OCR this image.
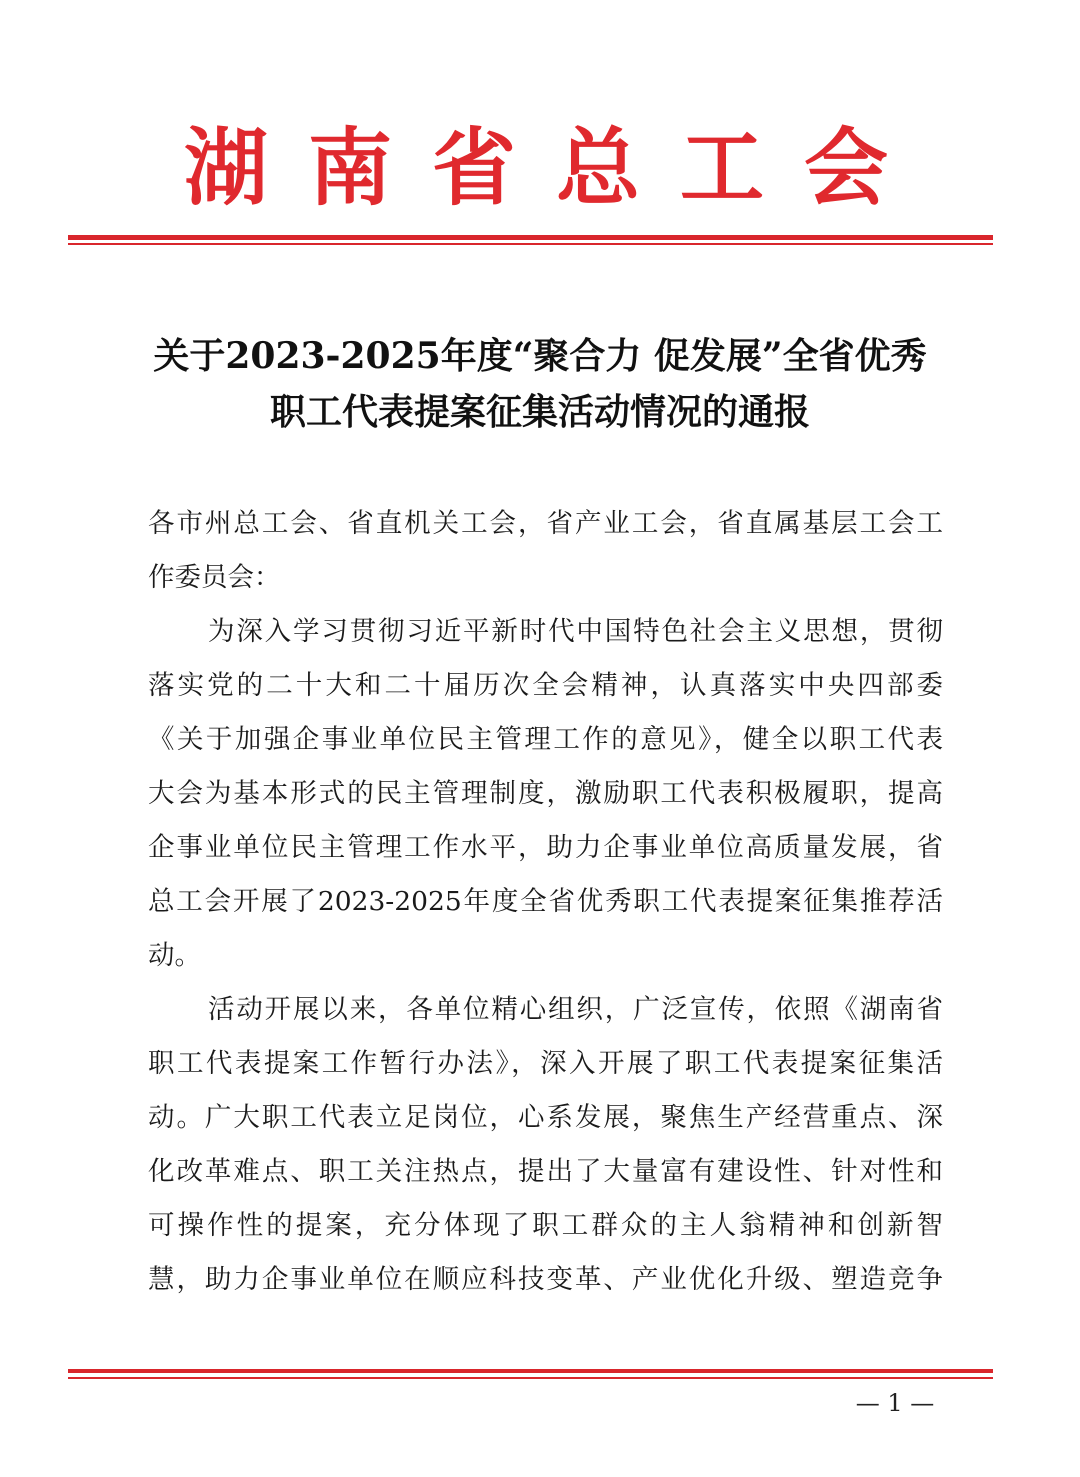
湖 南 省 总 工 会
关于2023-2025年度“聚合力 促发展”全省优秀
职工代表提案征集活动情况的通报
各市州总工会、省直机关工会，省产业工会，省直属基层工会工
作委员会：
为深入学习贯彻习近平新时代中国特色社会主义思想，贯彻
落实党的二十大和二十届历次全会精神，认真落实中央四部委
《关于加强企事业单位民主管理工作的意见》，健全以职工代表
大会为基本形式的民主管理制度，激励职工代表积极履职，提高
企事业单位民主管理工作水平，助力企事业单位高质量发展，省
总工会开展了2023-2025年度全省优秀职工代表提案征集推荐活
动。
活动开展以来，各单位精心组织，广泛宣传，依照《湖南省
职工代表提案工作暂行办法》，深入开展了职工代表提案征集活
动。广大职工代表立足岗位，心系发展，聚焦生产经营重点、深
化改革难点、职工关注热点，提出了大量富有建设性、针对性和
可操作性的提案，充分体现了职工群众的主人翁精神和创新智
慧，助力企事业单位在顺应科技变革、产业优化升级、塑造竞争
— 1 —
